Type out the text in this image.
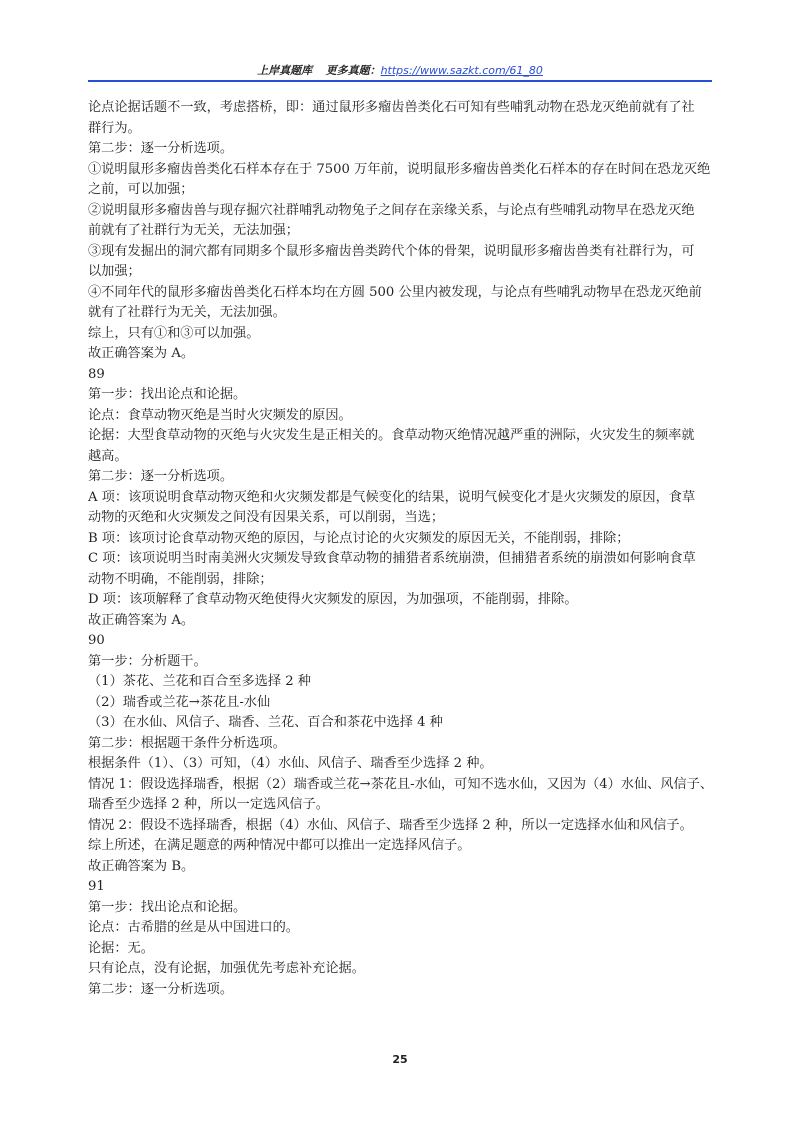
上岸真题库 更多真题：https://www.sazkt.com/61_80

论点论据话题不一致，考虑搭桥，即：通过鼠形多瘤齿兽类化石可知有些哺乳动物在恐龙灭绝前就有了社

群行为。

第二步：逐一分析选项。

①说明鼠形多瘤齿兽类化石样本存在于 7500 万年前，说明鼠形多瘤齿兽类化石样本的存在时间在恐龙灭绝

之前，可以加强；

②说明鼠形多瘤齿兽与现存掘穴社群哺乳动物兔子之间存在亲缘关系，与论点有些哺乳动物早在恐龙灭绝

前就有了社群行为无关，无法加强；

③现有发掘出的洞穴都有同期多个鼠形多瘤齿兽类跨代个体的骨架，说明鼠形多瘤齿兽类有社群行为，可

以加强；

④不同年代的鼠形多瘤齿兽类化石样本均在方圆 500 公里内被发现，与论点有些哺乳动物早在恐龙灭绝前

就有了社群行为无关，无法加强。

综上，只有①和③可以加强。

故正确答案为 A。

89

第一步：找出论点和论据。

论点：食草动物灭绝是当时火灾频发的原因。

论据：大型食草动物的灭绝与火灾发生是正相关的。食草动物灭绝情况越严重的洲际，火灾发生的频率就

越高。

第二步：逐一分析选项。

A 项：该项说明食草动物灭绝和火灾频发都是气候变化的结果，说明气候变化才是火灾频发的原因，食草

动物的灭绝和火灾频发之间没有因果关系，可以削弱，当选；

B 项：该项讨论食草动物灭绝的原因，与论点讨论的火灾频发的原因无关，不能削弱，排除；

C 项：该项说明当时南美洲火灾频发导致食草动物的捕猎者系统崩溃，但捕猎者系统的崩溃如何影响食草

动物不明确，不能削弱，排除；

D 项：该项解释了食草动物灭绝使得火灾频发的原因，为加强项，不能削弱，排除。

故正确答案为 A。

90

第一步：分析题干。

（1）茶花、兰花和百合至多选择 2 种

（2）瑞香或兰花→茶花且-水仙

（3）在水仙、风信子、瑞香、兰花、百合和茶花中选择 4 种

第二步：根据题干条件分析选项。

根据条件（1）、（3）可知，（4）水仙、风信子、瑞香至少选择 2 种。

情况 1：假设选择瑞香，根据（2）瑞香或兰花→茶花且-水仙，可知不选水仙，又因为（4）水仙、风信子、

瑞香至少选择 2 种，所以一定选风信子。

情况 2：假设不选择瑞香，根据（4）水仙、风信子、瑞香至少选择 2 种，所以一定选择水仙和风信子。

综上所述，在满足题意的两种情况中都可以推出一定选择风信子。

故正确答案为 B。

91

第一步：找出论点和论据。

论点：古希腊的丝是从中国进口的。

论据：无。

只有论点，没有论据，加强优先考虑补充论据。

第二步：逐一分析选项。

25
